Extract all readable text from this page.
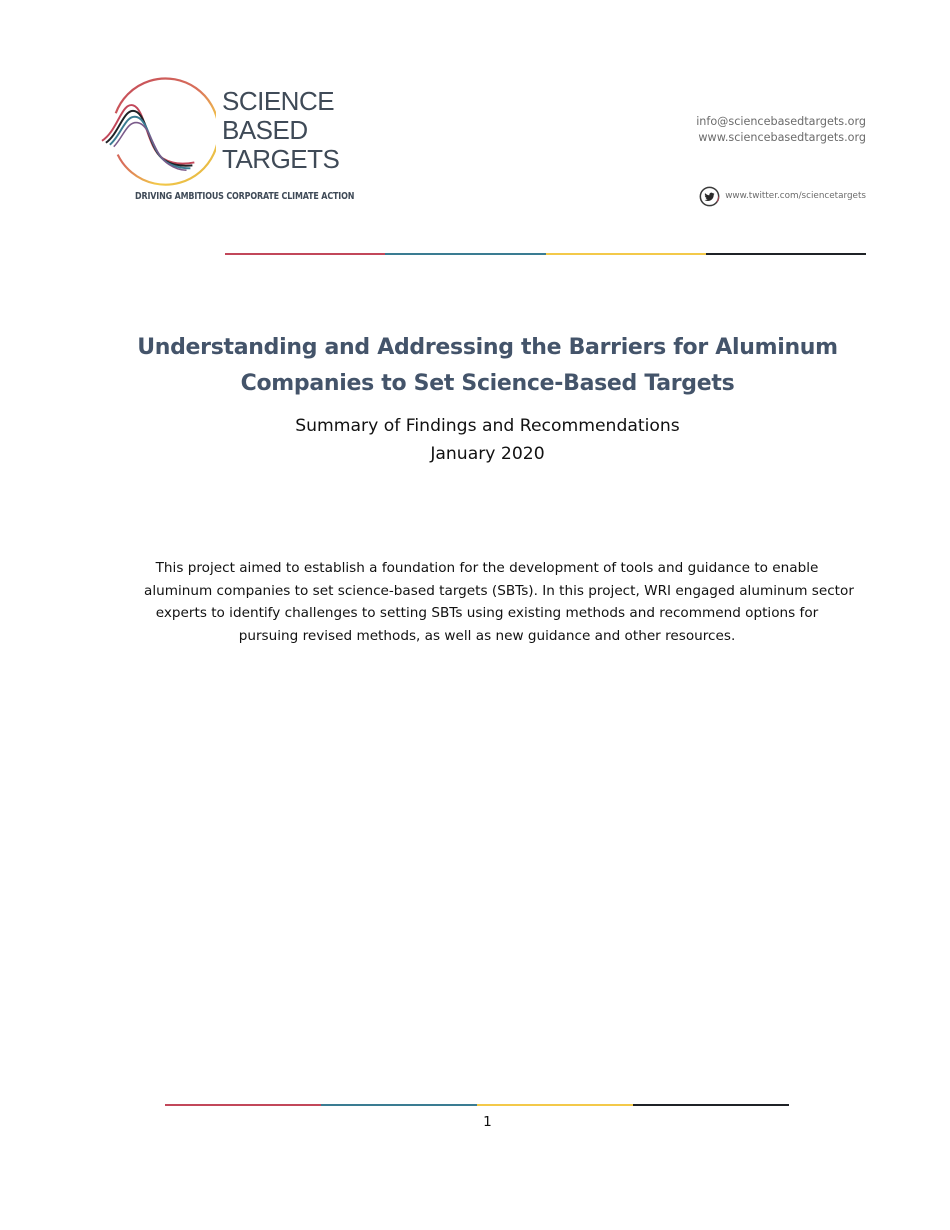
SCIENCE
BASED
TARGETS
DRIVING AMBITIOUS CORPORATE CLIMATE ACTION
info@sciencebasedtargets.org
www.sciencebasedtargets.org
www.twitter.com/sciencetargets
Understanding and Addressing the Barriers for Aluminum
Companies to Set Science-Based Targets
Summary of Findings and Recommendations
January 2020

This project aimed to establish a foundation for the development of tools and guidance to enable
aluminum companies to set science-based targets (SBTs). In this project, WRI engaged aluminum sector
experts to identify challenges to setting SBTs using existing methods and recommend options for
pursuing revised methods, as well as new guidance and other resources.

1
